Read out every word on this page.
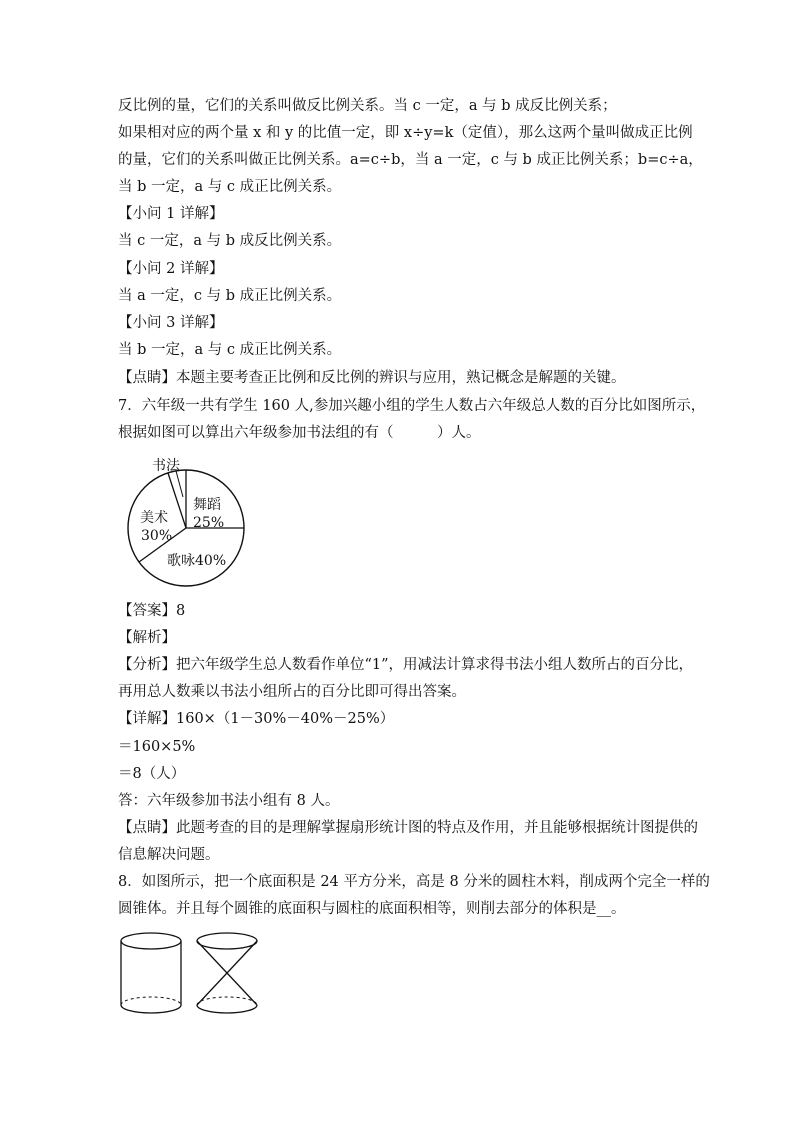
反比例的量，它们的关系叫做反比例关系。当 c 一定，a 与 b 成反比例关系；
如果相对应的两个量 x 和 y 的比值一定，即 x÷y=k（定值），那么这两个量叫做成正比例
的量，它们的关系叫做正比例关系。a=c÷b，当 a 一定，c 与 b 成正比例关系；b=c÷a，
当 b 一定，a 与 c 成正比例关系。
【小问 1 详解】
当 c 一定，a 与 b 成反比例关系。
【小问 2 详解】
当 a 一定，c 与 b 成正比例关系。
【小问 3 详解】
当 b 一定，a 与 c 成正比例关系。
【点睛】本题主要考查正比例和反比例的辨识与应用，熟记概念是解题的关键。
7．六年级一共有学生 160 人,参加兴趣小组的学生人数占六年级总人数的百分比如图所示，
根据如图可以算出六年级参加书法组的有（　　　）人。
书法
舞蹈
25%
美术
30%
歌咏40%
【答案】8
【解析】
【分析】把六年级学生总人数看作单位“1”，用减法计算求得书法小组人数所占的百分比，
再用总人数乘以书法小组所占的百分比即可得出答案。
【详解】160×（1－30%－40%－25%）
＝160×5%
＝8（人）
答：六年级参加书法小组有 8 人。
【点睛】此题考查的目的是理解掌握扇形统计图的特点及作用，并且能够根据统计图提供的
信息解决问题。
8．如图所示，把一个底面积是 24 平方分米，高是 8 分米的圆柱木料，削成两个完全一样的
圆锥体。并且每个圆锥的底面积与圆柱的底面积相等，则削去部分的体积是__。
